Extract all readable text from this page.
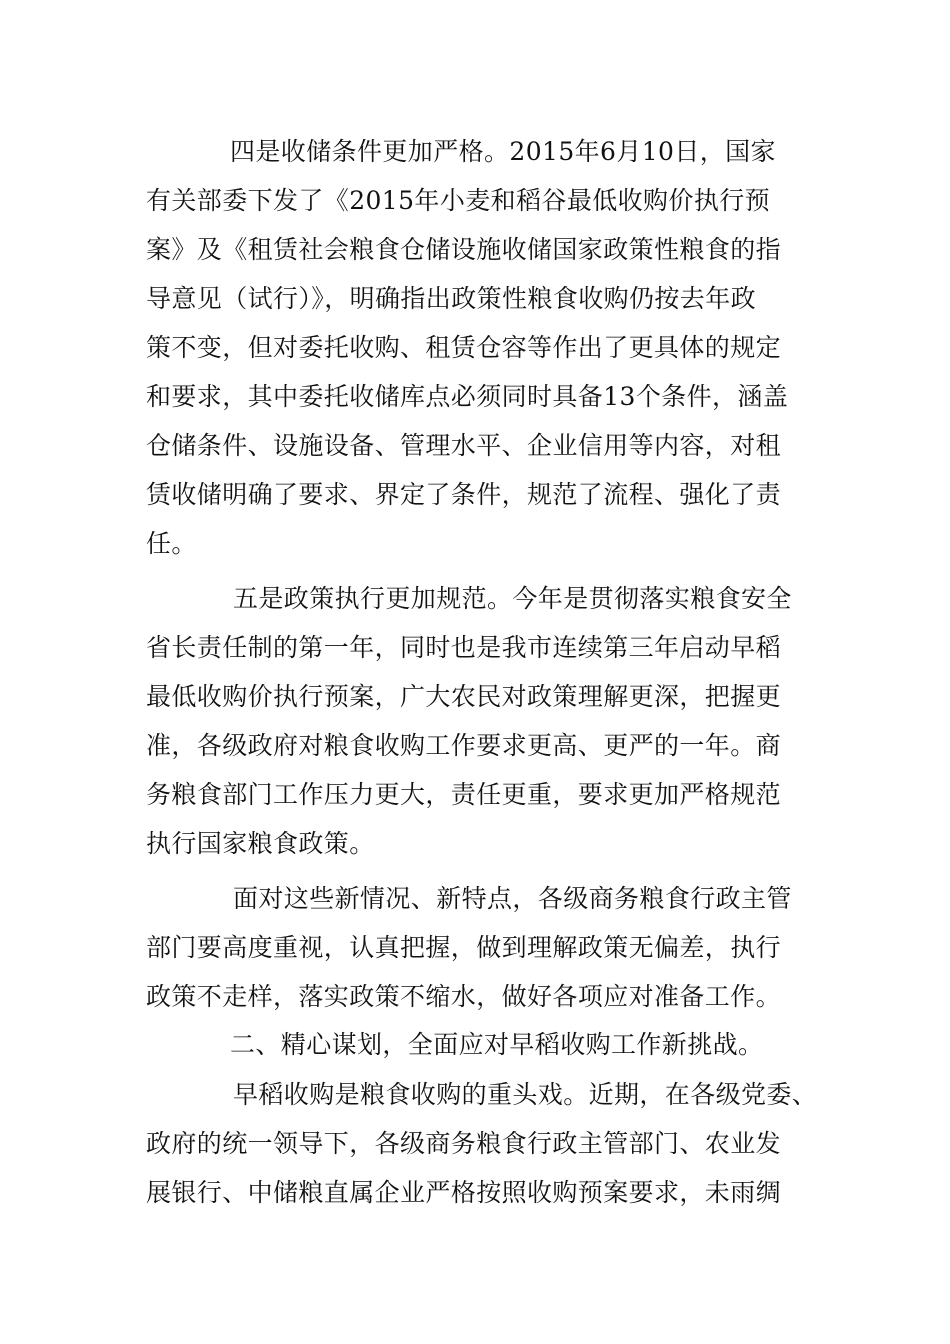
四是收储条件更加严格。2015年6月10日，国家
有关部委下发了《2015年小麦和稻谷最低收购价执行预
案》及《租赁社会粮食仓储设施收储国家政策性粮食的指
导意见（试行）》，明确指出政策性粮食收购仍按去年政
策不变，但对委托收购、租赁仓容等作出了更具体的规定
和要求，其中委托收储库点必须同时具备13个条件，涵盖
仓储条件、设施设备、管理水平、企业信用等内容，对租
赁收储明确了要求、界定了条件，规范了流程、强化了责
任。
五是政策执行更加规范。今年是贯彻落实粮食安全
省长责任制的第一年，同时也是我市连续第三年启动早稻
最低收购价执行预案，广大农民对政策理解更深，把握更
准，各级政府对粮食收购工作要求更高、更严的一年。商
务粮食部门工作压力更大，责任更重，要求更加严格规范
执行国家粮食政策。
面对这些新情况、新特点，各级商务粮食行政主管
部门要高度重视，认真把握，做到理解政策无偏差，执行
政策不走样，落实政策不缩水，做好各项应对准备工作。
二、精心谋划，全面应对早稻收购工作新挑战。
早稻收购是粮食收购的重头戏。近期，在各级党委、
政府的统一领导下，各级商务粮食行政主管部门、农业发
展银行、中储粮直属企业严格按照收购预案要求，未雨绸
